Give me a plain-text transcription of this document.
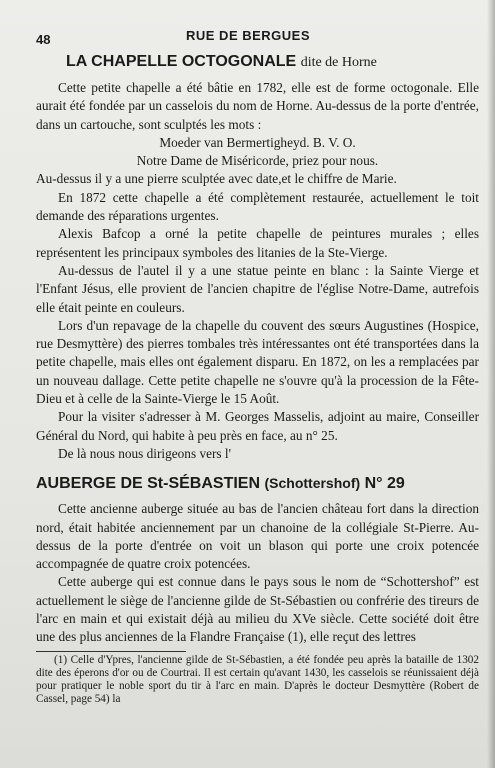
48	RUE DE BERGUES
LA CHAPELLE OCTOGONALE dite de Horne

Cette petite chapelle a été bâtie en 1782, elle est de forme octogonale. Elle aurait été fondée par un casselois du nom de Horne. Au-dessus de la porte d'entrée, dans un cartouche, sont sculptés les mots :

Moeder van Bermertigheyd. B. V. O.

Notre Dame de Miséricorde, priez pour nous.

Au-dessus il y a une pierre sculptée avec date,et le chiffre de Marie.

En 1872 cette chapelle a été complètement restaurée, actuellement le toit demande des réparations urgentes.

Alexis Bafcop a orné la petite chapelle de peintures murales ; elles représentent les principaux symboles des litanies de la Ste-Vierge.

Au-dessus de l'autel il y a une statue peinte en blanc : la Sainte Vierge et l'Enfant Jésus, elle provient de l'ancien chapitre de l'église Notre-Dame, autrefois elle était peinte en couleurs.

Lors d'un repavage de la chapelle du couvent des sœurs Augustines (Hospice, rue Desmyttère) des pierres tombales très intéressantes ont été transportées dans la petite chapelle, mais elles ont également disparu. En 1872, on les a remplacées par un nouveau dallage. Cette petite chapelle ne s'ouvre qu'à la procession de la Fête-Dieu et à celle de la Sainte-Vierge le 15 Août.

Pour la visiter s'adresser à M. Georges Masselis, adjoint au maire, Conseiller Général du Nord, qui habite à peu près en face, au n° 25.

De là nous nous dirigeons vers l'

AUBERGE DE St-SÉBASTIEN (Schottershof) N° 29

Cette ancienne auberge située au bas de l'ancien château fort dans la direction nord, était habitée anciennement par un chanoine de la collégiale St-Pierre. Au-dessus de la porte d'entrée on voit un blason qui porte une croix potencée accompagnée de quatre croix potencées.

Cette auberge qui est connue dans le pays sous le nom de “Schottershof” est actuellement le siège de l'ancienne gilde de St-Sébastien ou confrérie des tireurs de l'arc en main et qui existait déjà au milieu du XVe siècle. Cette société doit être une des plus anciennes de la Flandre Française (1), elle reçut des lettres

(1) Celle d'Ypres, l'ancienne gilde de St-Sébastien, a été fondée peu après la bataille de 1302 dite des éperons d'or ou de Courtrai. Il est certain qu'avant 1430, les casselois se réunissaient déjà pour pratiquer le noble sport du tir à l'arc en main. D'après le docteur Desmyttère (Robert de Cassel, page 54) la
